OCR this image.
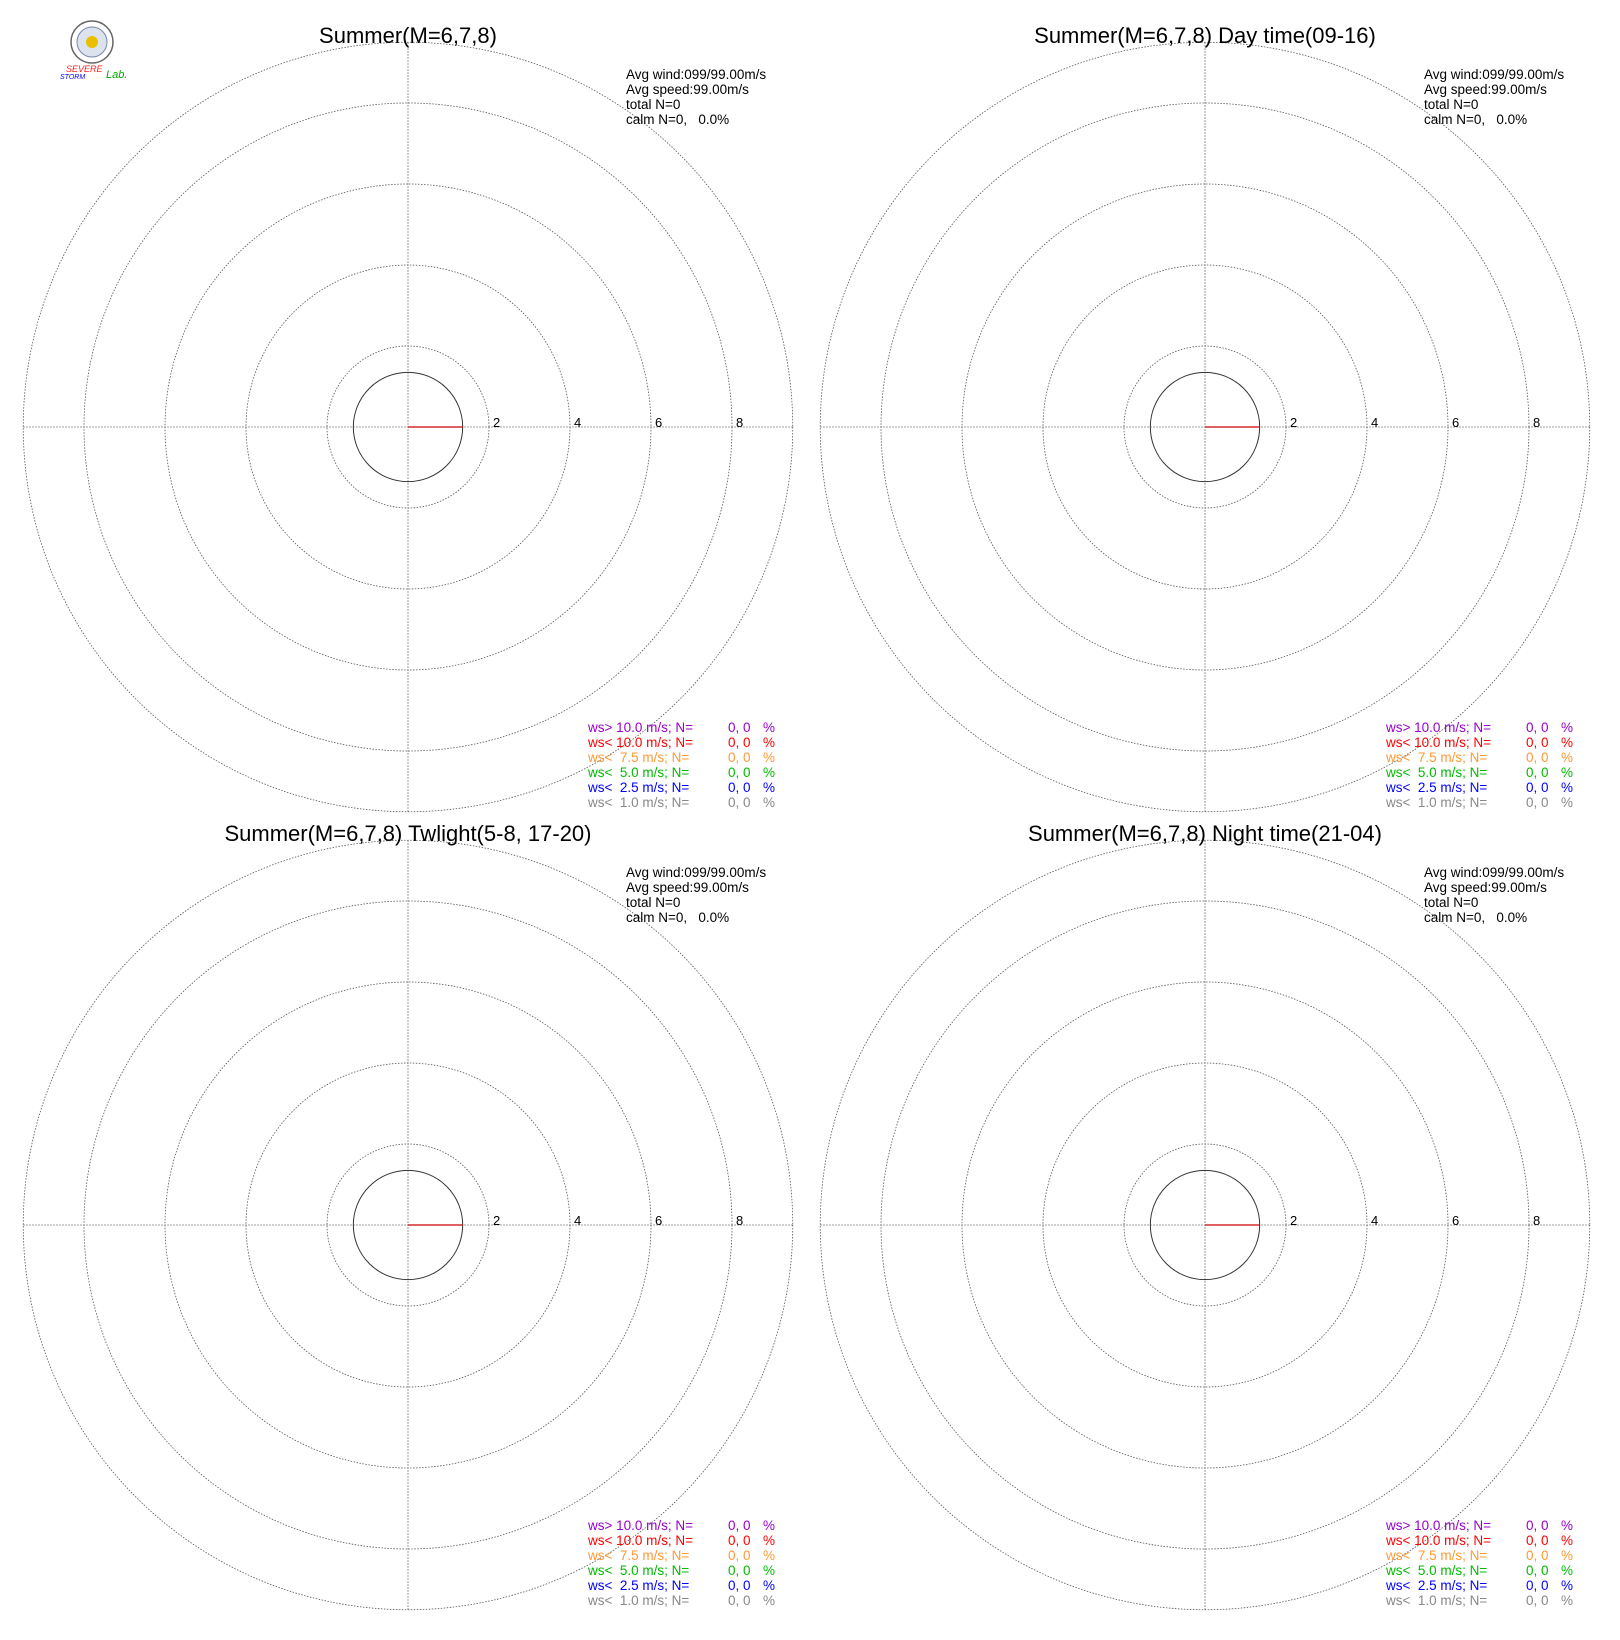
SEVERE
STORM Lab.
2	4	6	8
Summer(M=6,7,8)
Avg wind:099/99.00m/s
Avg speed:99.00m/s
total N=0
calm N=0,   0.0%
ws> 10.0 m/s; N=	0, 0 %
ws< 10.0 m/s; N=	0, 0 %
ws<  7.5 m/s; N=	0, 0 %
ws<  5.0 m/s; N=	0, 0 %
ws<  2.5 m/s; N=	0, 0 %
ws<  1.0 m/s; N=	0, 0 %
2	4	6	8
Summer(M=6,7,8) Day time(09-16)
Avg wind:099/99.00m/s
Avg speed:99.00m/s
total N=0
calm N=0,   0.0%
ws> 10.0 m/s; N=	0, 0 %
ws< 10.0 m/s; N=	0, 0 %
ws<  7.5 m/s; N=	0, 0 %
ws<  5.0 m/s; N=	0, 0 %
ws<  2.5 m/s; N=	0, 0 %
ws<  1.0 m/s; N=	0, 0 %
2	4	6	8
Summer(M=6,7,8) Twlight(5-8, 17-20)
Avg wind:099/99.00m/s
Avg speed:99.00m/s
total N=0
calm N=0,   0.0%
ws> 10.0 m/s; N=	0, 0 %
ws< 10.0 m/s; N=	0, 0 %
ws<  7.5 m/s; N=	0, 0 %
ws<  5.0 m/s; N=	0, 0 %
ws<  2.5 m/s; N=	0, 0 %
ws<  1.0 m/s; N=	0, 0 %
2	4	6	8
Summer(M=6,7,8) Night time(21-04)
Avg wind:099/99.00m/s
Avg speed:99.00m/s
total N=0
calm N=0,   0.0%
ws> 10.0 m/s; N=	0, 0 %
ws< 10.0 m/s; N=	0, 0 %
ws<  7.5 m/s; N=	0, 0 %
ws<  5.0 m/s; N=	0, 0 %
ws<  2.5 m/s; N=	0, 0 %
ws<  1.0 m/s; N=	0, 0 %
